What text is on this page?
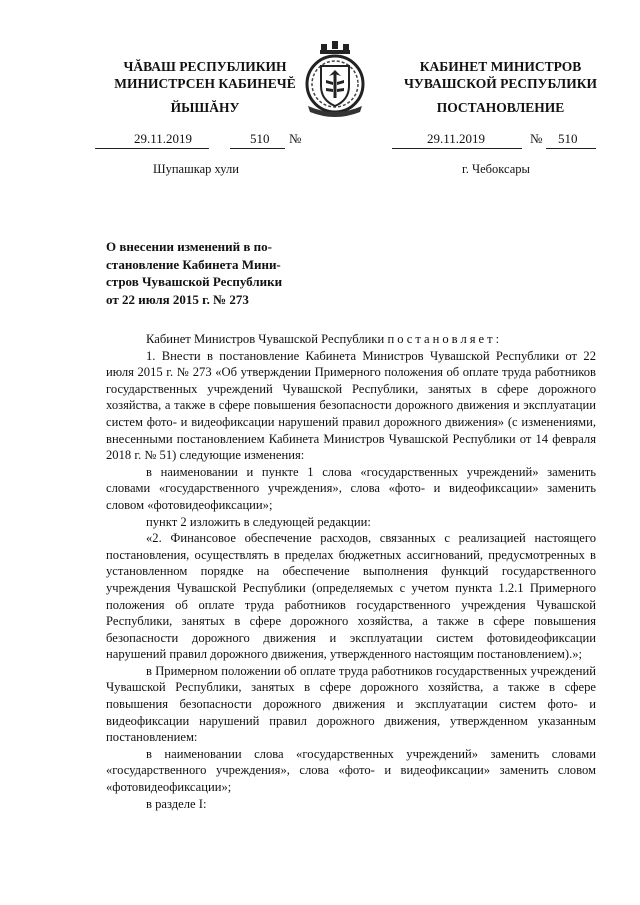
ЧĂВАШ РЕСПУБЛИКИН
МИНИСТРСЕН КАБИНЕЧĔ
ЙЫШĂНУ
КАБИНЕТ МИНИСТРОВ
ЧУВАШСКОЙ РЕСПУБЛИКИ
ПОСТАНОВЛЕНИЕ
29.11.2019	510 №	29.11.2019	№ 510
Шупашкар хули	г. Чебоксары
О внесении изменений в по-
становление Кабинета Мини-
стров Чувашской Республики
от 22 июля 2015 г. № 273

Кабинет Министров Чувашской Республики постановляет:

1. Внести в постановление Кабинета Министров Чувашской Республики от 22 июля 2015 г. № 273 «Об утверждении Примерного положения об оплате труда работников государственных учреждений Чувашской Республики, занятых в сфере дорожного хозяйства, а также в сфере повышения безопасности дорожного движения и эксплуатации систем фото- и видеофиксации нарушений правил дорожного движения» (с изменениями, внесенными постановлением Кабинета Министров Чувашской Республики от 14 февраля 2018 г. № 51) следующие изменения:

в наименовании и пункте 1 слова «государственных учреждений» заменить словами «государственного учреждения», слова «фото- и видеофиксации» заменить словом «фотовидеофиксации»;

пункт 2 изложить в следующей редакции:

«2. Финансовое обеспечение расходов, связанных с реализацией настоящего постановления, осуществлять в пределах бюджетных ассигнований, предусмотренных в установленном порядке на обеспечение выполнения функций государственного учреждения Чувашской Республики (определяемых с учетом пункта 1.2.1 Примерного положения об оплате труда работников государственного учреждения Чувашской Республики, занятых в сфере дорожного хозяйства, а также в сфере повышения безопасности дорожного движения и эксплуатации систем фотовидеофиксации нарушений правил дорожного движения, утвержденного настоящим постановлением).»;

в Примерном положении об оплате труда работников государственных учреждений Чувашской Республики, занятых в сфере дорожного хозяйства, а также в сфере повышения безопасности дорожного движения и эксплуатации систем фото- и видеофиксации нарушений правил дорожного движения, утвержденном указанным постановлением:

в наименовании слова «государственных учреждений» заменить словами «государственного учреждения», слова «фото- и видеофиксации» заменить словом «фотовидеофиксации»;

в разделе I:
